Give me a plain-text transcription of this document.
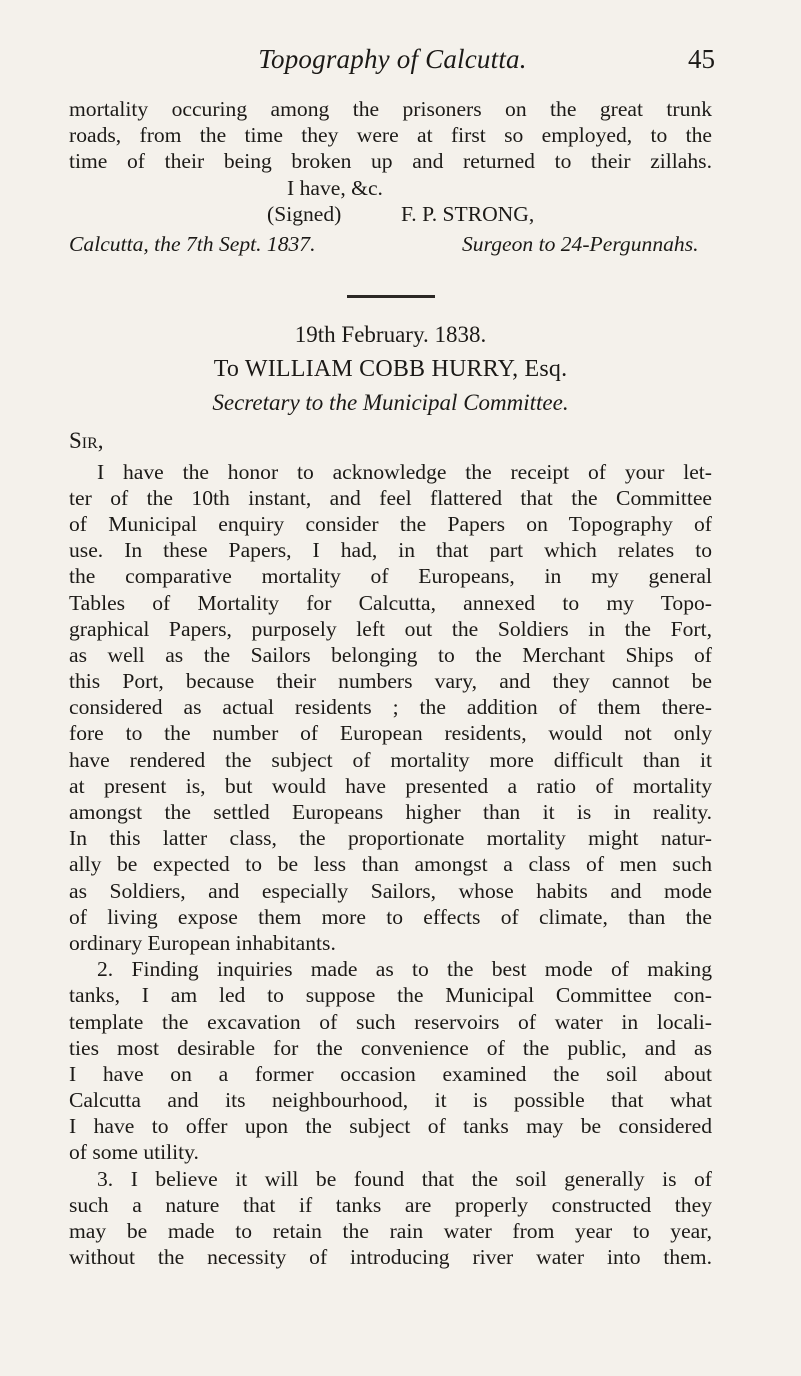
Topography of Calcutta.	45
mortality occuring among the prisoners on the great trunk
roads, from the time they were at first so employed, to the
time of their being broken up and returned to their zillahs.
I have, &c.
(Signed)	F. P. STRONG,
Calcutta, the 7th Sept. 1837.	Surgeon to 24-Pergunnahs.
19th February. 1838.
To WILLIAM COBB HURRY, Esq.
Secretary to the Municipal Committee.
Sir,
I have the honor to acknowledge the receipt of your let-
ter of the 10th instant, and feel flattered that the Committee
of Municipal enquiry consider the Papers on Topography of
use. In these Papers, I had, in that part which relates to
the comparative mortality of Europeans, in my general
Tables of Mortality for Calcutta, annexed to my Topo-
graphical Papers, purposely left out the Soldiers in the Fort,
as well as the Sailors belonging to the Merchant Ships of
this Port, because their numbers vary, and they cannot be
considered as actual residents ; the addition of them there-
fore to the number of European residents, would not only
have rendered the subject of mortality more difficult than it
at present is, but would have presented a ratio of mortality
amongst the settled Europeans higher than it is in reality.
In this latter class, the proportionate mortality might natur-
ally be expected to be less than amongst a class of men such
as Soldiers, and especially Sailors, whose habits and mode
of living expose them more to effects of climate, than the
ordinary European inhabitants.
2. Finding inquiries made as to the best mode of making
tanks, I am led to suppose the Municipal Committee con-
template the excavation of such reservoirs of water in locali-
ties most desirable for the convenience of the public, and as
I have on a former occasion examined the soil about
Calcutta and its neighbourhood, it is possible that what
I have to offer upon the subject of tanks may be considered
of some utility.
3. I believe it will be found that the soil generally is of
such a nature that if tanks are properly constructed they
may be made to retain the rain water from year to year,
without the necessity of introducing river water into them.
